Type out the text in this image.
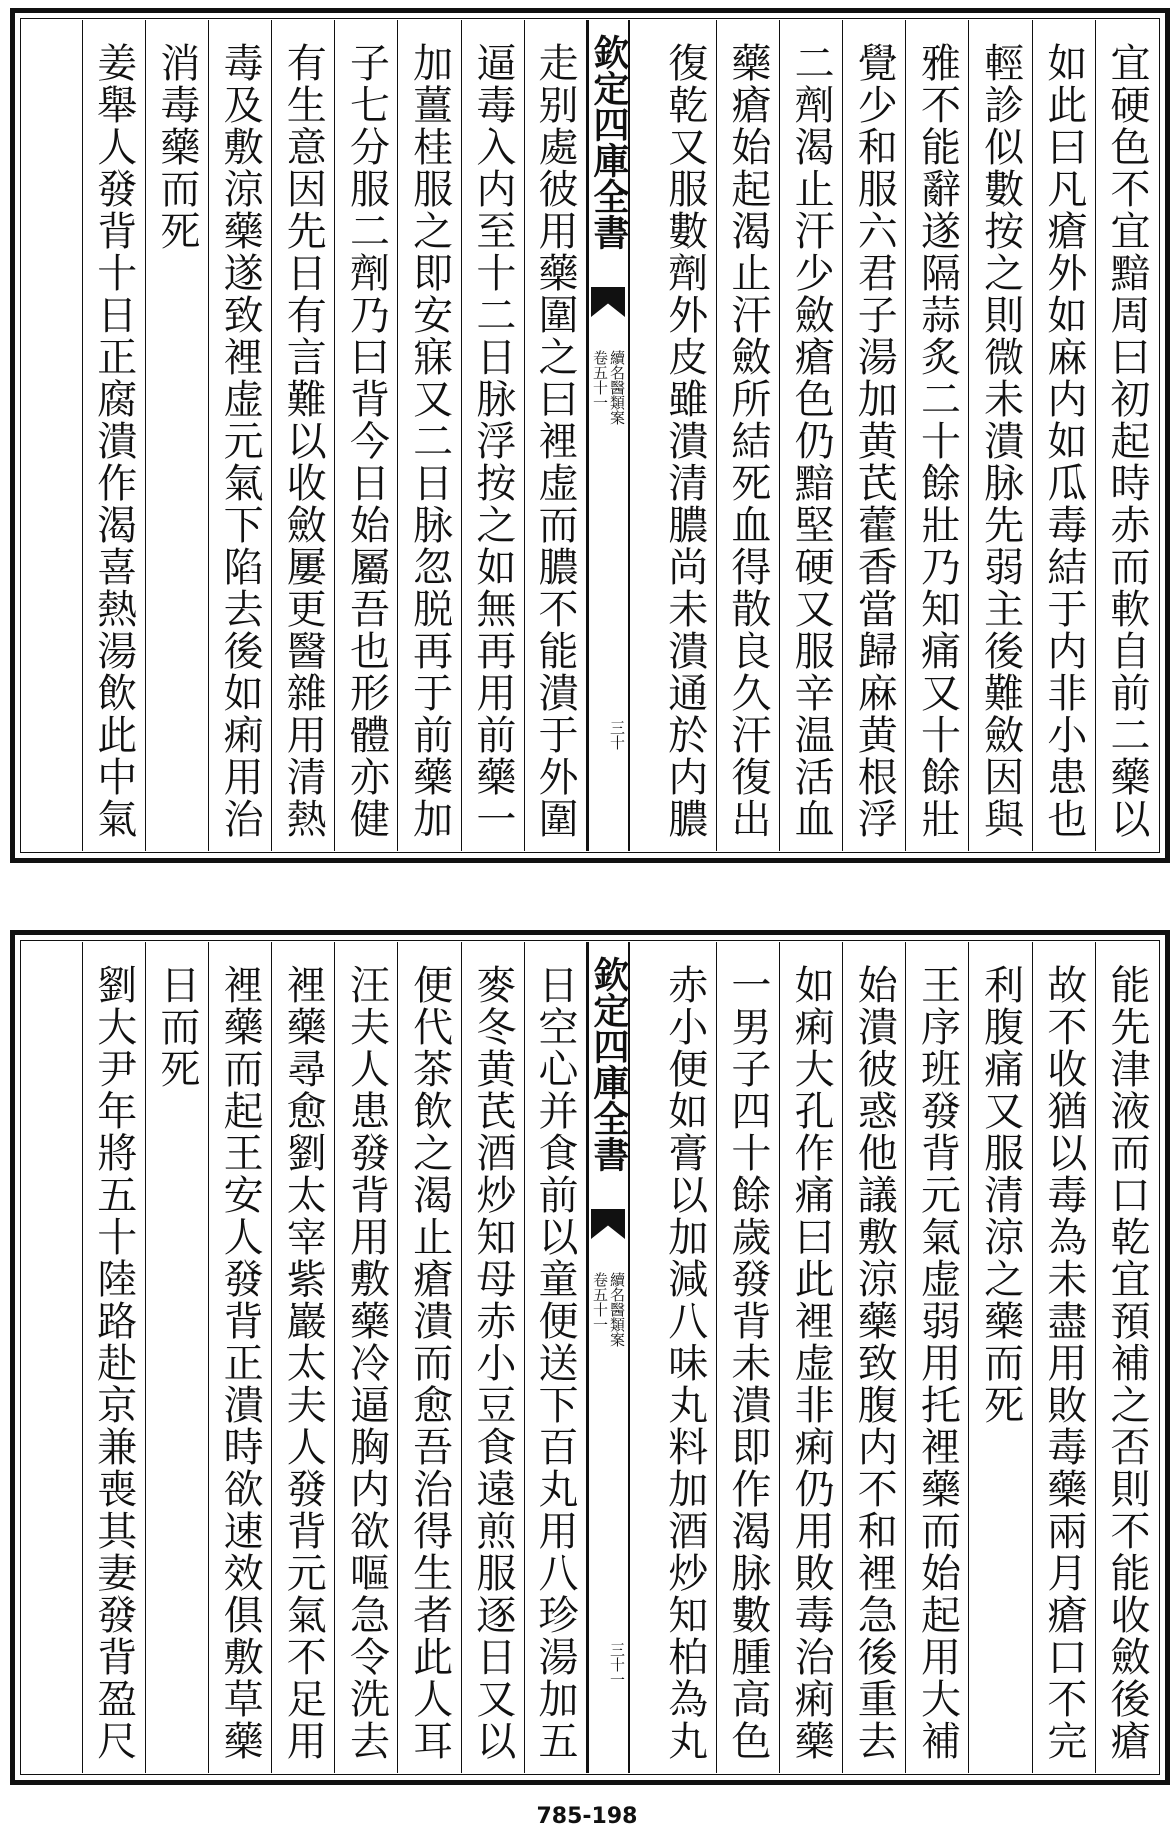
宜硬色不宜黯周曰初起時赤而軟自前二藥以
如此曰凡瘡外如麻内如瓜毒結于内非小患也
輕診似數按之則微未潰脉先弱主後難斂因與
雅不能辭遂隔蒜炙二十餘壯乃知痛又十餘壯
覺少和服六君子湯加黄芪藿香當歸麻黄根浮
二劑渴止汗少斂瘡色仍黯堅硬又服辛温活血
藥瘡始起渴止汗斂所結死血得散良久汗復出
復乾又服數劑外皮雖潰清膿尚未潰通於内膿
欽定四庫全書
續名醫類案
卷五十一
三十
走别處彼用藥圍之曰裡虚而膿不能潰于外圍
逼毒入内至十二日脉浮按之如無再用前藥一
加薑桂服之即安寐又二日脉忽脱再于前藥加
子七分服二劑乃曰背今日始屬吾也形體亦健
有生意因先日有言難以收斂屢更醫雜用清熱
毒及敷涼藥遂致裡虚元氣下陷去後如痢用治
消毒藥而死
姜舉人發背十日正腐潰作渴喜熱湯飲此中氣
能先津液而口乾宜預補之否則不能收斂後瘡
故不收猶以毒為未盡用敗毒藥兩月瘡口不完
利腹痛又服清涼之藥而死
王序班發背元氣虚弱用托裡藥而始起用大補
始潰彼惑他議敷涼藥致腹内不和裡急後重去
如痢大孔作痛曰此裡虚非痢仍用敗毒治痢藥
一男子四十餘歲發背未潰即作渴脉數腫高色
赤小便如膏以加減八味丸料加酒炒知柏為丸
欽定四庫全書
續名醫類案
卷五十一
三十一
日空心并食前以童便送下百丸用八珍湯加五
麥冬黄芪酒炒知母赤小豆食遠煎服逐日又以
便代茶飲之渴止瘡潰而愈吾治得生者此人耳
汪夫人患發背用敷藥冷逼胸内欲嘔急令洗去
裡藥尋愈劉太宰紫巖太夫人發背元氣不足用
裡藥而起王安人發背正潰時欲速效俱敷草藥
日而死
劉大尹年將五十陸路赴京兼喪其妻發背盈尺
785-198
